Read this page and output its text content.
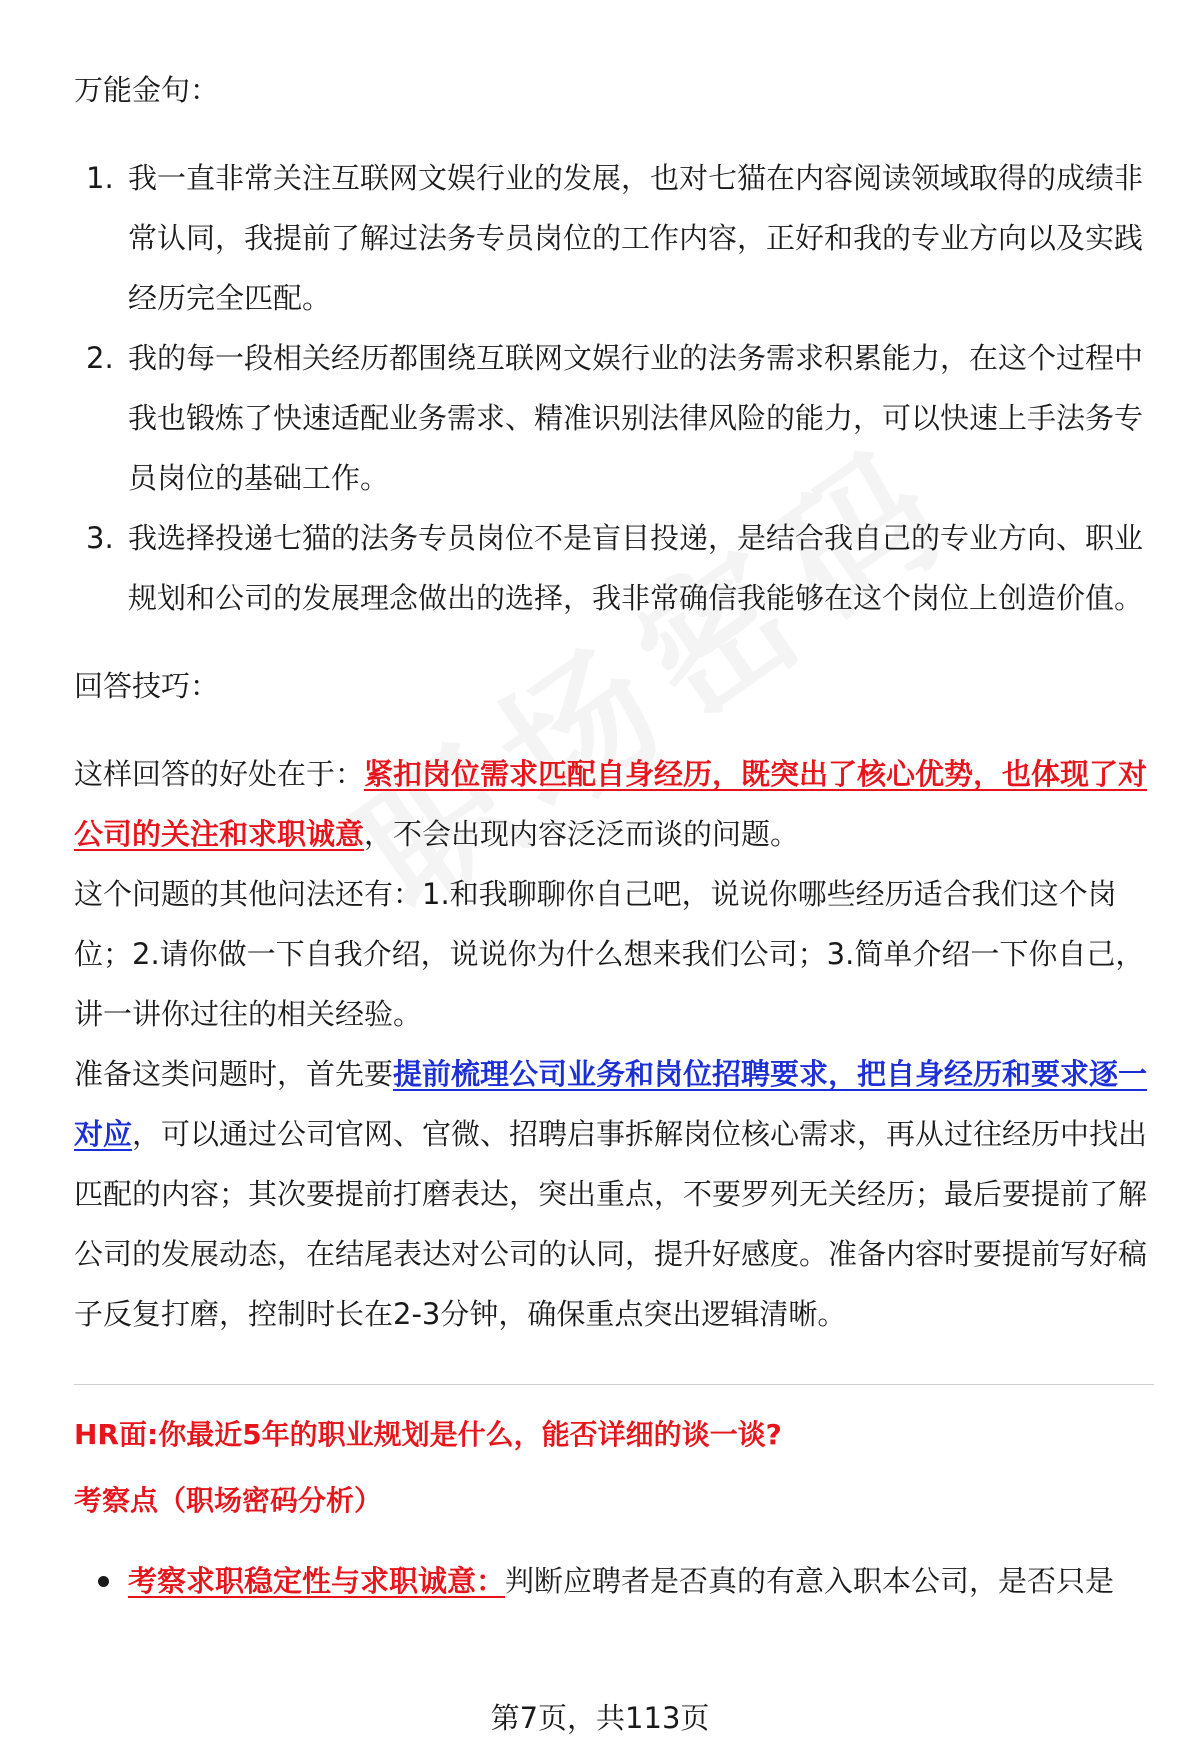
万能金句：

1. 我一直非常关注互联网文娱行业的发展，也对七猫在内容阅读领域取得的成绩非常认同，我提前了解过法务专员岗位的工作内容，正好和我的专业方向以及实践经历完全匹配。
2. 我的每一段相关经历都围绕互联网文娱行业的法务需求积累能力，在这个过程中我也锻炼了快速适配业务需求、精准识别法律风险的能力，可以快速上手法务专员岗位的基础工作。
3. 我选择投递七猫的法务专员岗位不是盲目投递，是结合我自己的专业方向、职业规划和公司的发展理念做出的选择，我非常确信我能够在这个岗位上创造价值。

回答技巧：

这样回答的好处在于：紧扣岗位需求匹配自身经历，既突出了核心优势，也体现了对公司的关注和求职诚意，不会出现内容泛泛而谈的问题。

这个问题的其他问法还有：1.和我聊聊你自己吧，说说你哪些经历适合我们这个岗位；2.请你做一下自我介绍，说说你为什么想来我们公司；3.简单介绍一下你自己，讲一讲你过往的相关经验。

准备这类问题时，首先要提前梳理公司业务和岗位招聘要求，把自身经历和要求逐一对应，可以通过公司官网、官微、招聘启事拆解岗位核心需求，再从过往经历中找出匹配的内容；其次要提前打磨表达，突出重点，不要罗列无关经历；最后要提前了解公司的发展动态，在结尾表达对公司的认同，提升好感度。准备内容时要提前写好稿子反复打磨，控制时长在2-3分钟，确保重点突出逻辑清晰。

HR面:你最近5年的职业规划是什么，能否详细的谈一谈?

考察点（职场密码分析）

考察求职稳定性与求职诚意：判断应聘者是否真的有意入职本公司，是否只是
第7页，共113页
